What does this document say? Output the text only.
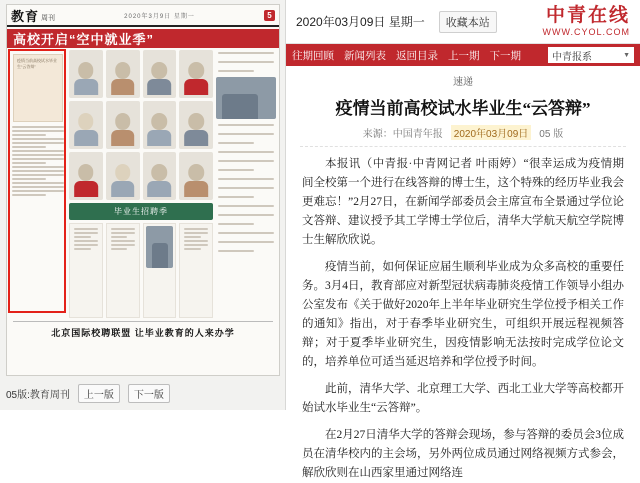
教育 周刊	2020年3月9日 星期一	5
高校开启“空中就业季”
疫情当前高校试水毕业生“云答辩”
毕业生招聘季
北京国际校聘联盟 让毕业教育的人来办学
05版:教育周刊	上一版	下一版
2020年03月09日 星期一	收藏本站	中青在线
WWW.CYOL.COM
往期回顾 新闻列表 返回目录 上一期 下一期	中青报系	▼
速递
疫情当前高校试水毕业生“云答辩”
来源：中国青年报	2020年03月09日	05 版

本报讯（中青报·中青网记者 叶雨婷）“很幸运成为疫情期间全校第一个进行在线答辩的博士生，这个特殊的经历毕业我会更难忘！”2月27日，在新闻学部委员会主席宣布全景通过学位论文答辩、建议授予其工学博士学位后，清华大学航天航空学院博士生解欣欣说。

疫情当前，如何保证应届生顺利毕业成为众多高校的重要任务。3月4日，教育部应对新型冠状病毒肺炎疫情工作领导小组办公室发布《关于做好2020年上半年毕业研究生学位授予相关工作的通知》指出，对于春季毕业研究生，可组织开展远程视频答辩；对于夏季毕业研究生，因疫情影响无法按时完成学位论文的，培养单位可适当延迟培养和学位授予时间。

此前，清华大学、北京理工大学、西北工业大学等高校都开始试水毕业生“云答辩”。

在2月27日清华大学的答辩会现场，参与答辩的委员会3位成员在清华校内的主会场，另外两位成员通过网络视频方式参会，解欣欣则在山西家里通过网络连
